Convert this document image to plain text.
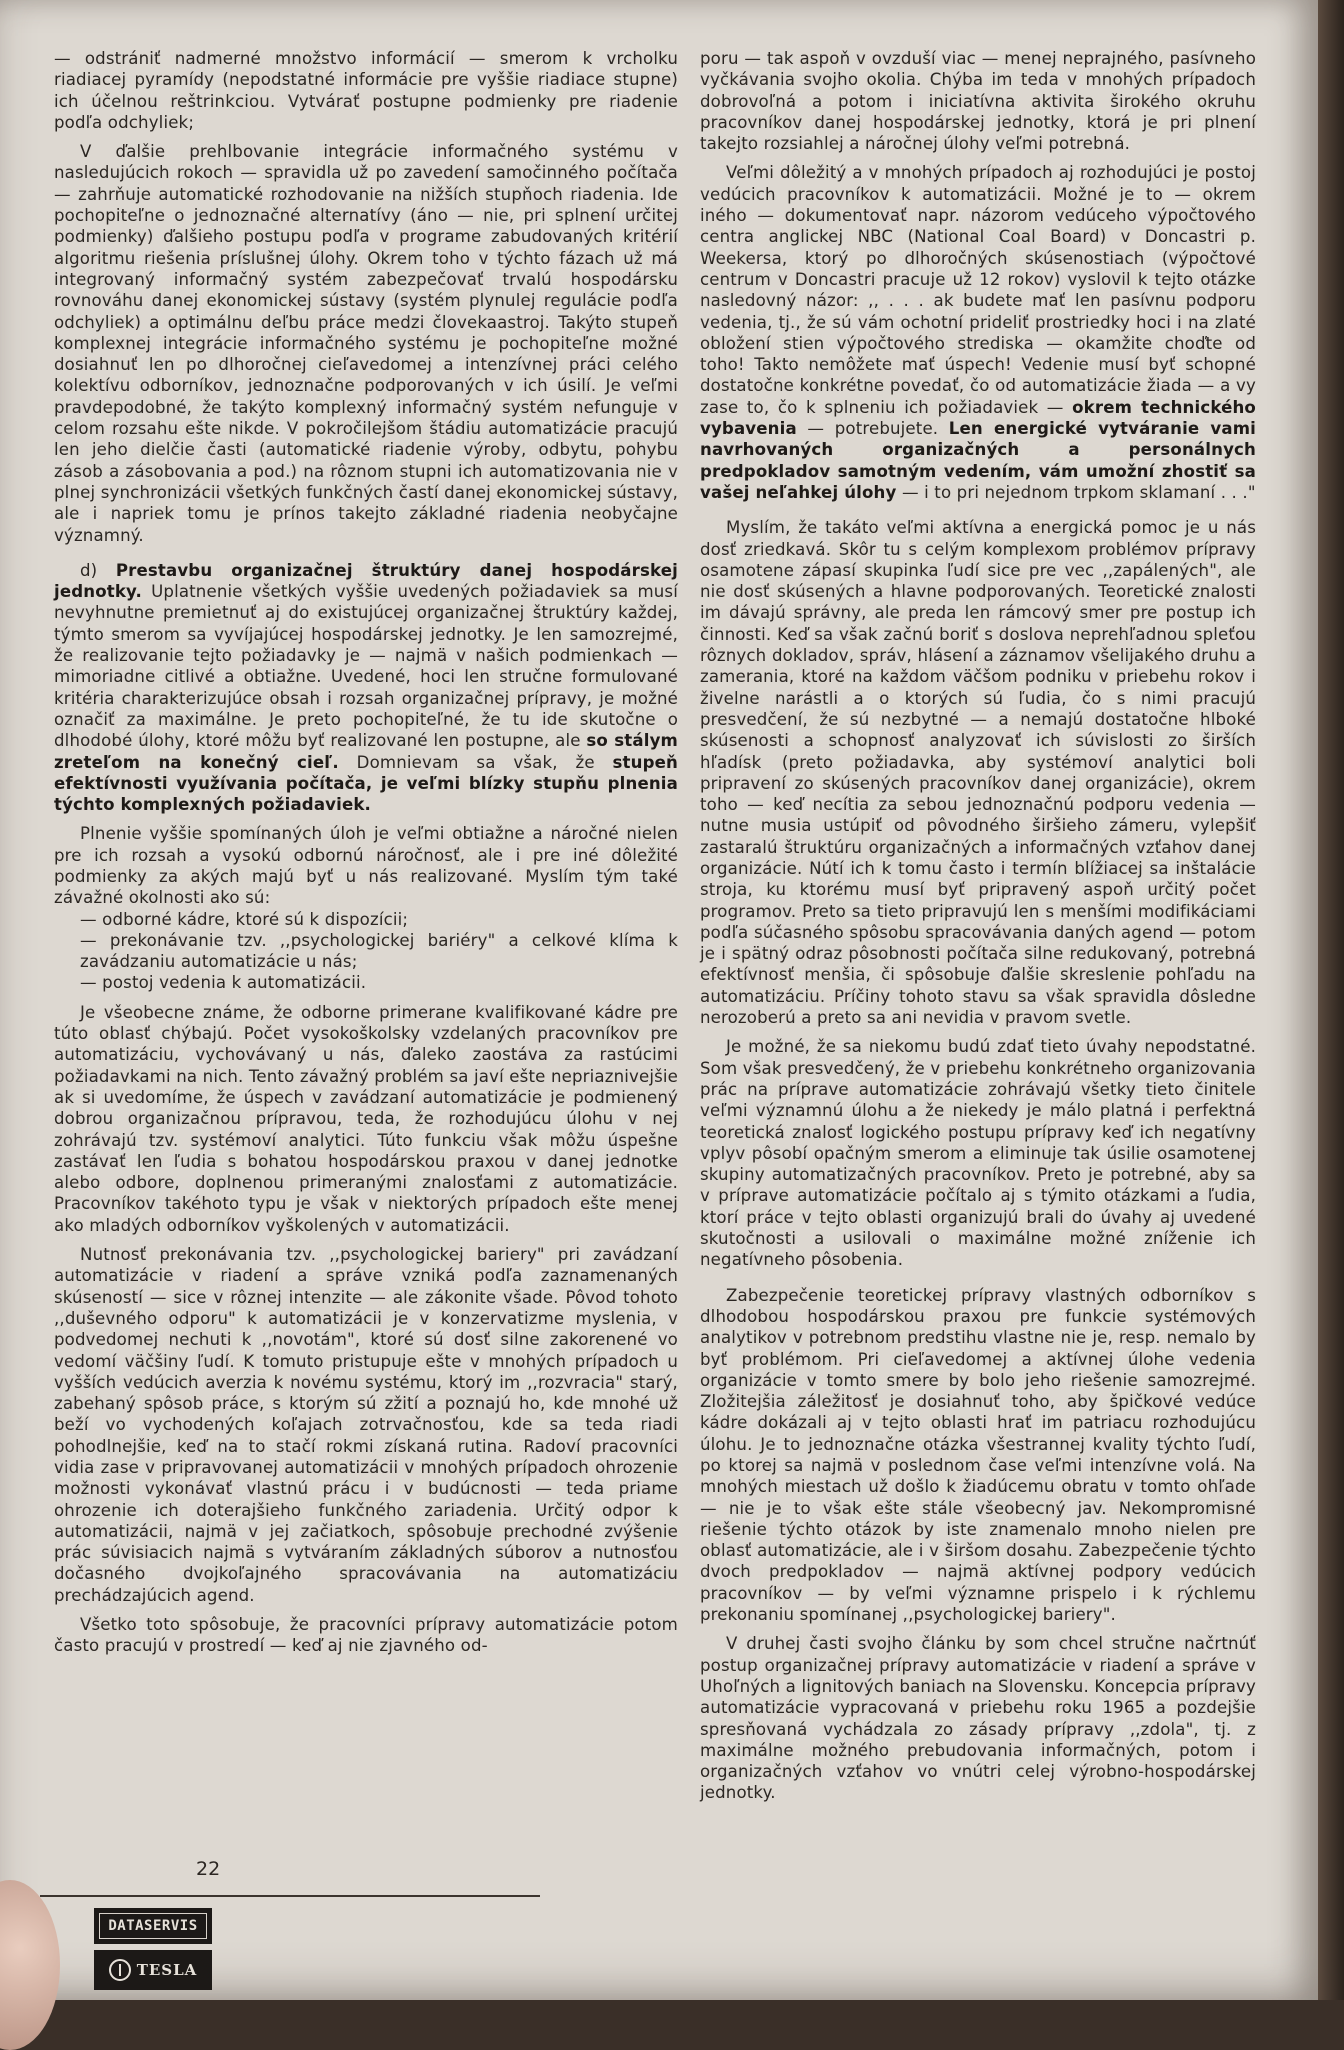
— odstrániť nadmerné množstvo informácií — smerom k vrcholku riadiacej pyramídy (nepodstatné informácie pre vyššie riadiace stupne) ich účelnou reštrinkciou. Vytvárať postupne podmienky pre riadenie podľa odchyliek;

V ďalšie prehlbovanie integrácie informačného systému v nasledujúcich rokoch — spravidla už po zavedení samočinného počítača — zahrňuje automatické rozhodovanie na nižších stupňoch riadenia. Ide pochopiteľne o jednoznačné alternatívy (áno — nie, pri splnení určitej podmienky) ďalšieho postupu podľa v programe zabudovaných kritérií algoritmu riešenia príslušnej úlohy. Okrem toho v týchto fázach už má integrovaný informačný systém zabezpečovať trvalú hospodársku rovnováhu danej ekonomickej sústavy (systém plynulej regulácie podľa odchyliek) a optimálnu deľbu práce medzi človekaastroj. Takýto stupeň komplexnej integrácie informačného systému je pochopiteľne možné dosiahnuť len po dlhoročnej cieľavedomej a intenzívnej práci celého kolektívu odborníkov, jednoznačne podporovaných v ich úsilí. Je veľmi pravdepodobné, že takýto komplexný informačný systém nefunguje v celom rozsahu ešte nikde. V pokročilejšom štádiu automatizácie pracujú len jeho dielčie časti (automatické riadenie výroby, odbytu, pohybu zásob a zásobovania a pod.) na rôznom stupni ich automatizovania nie v plnej synchronizácii všetkých funkčných častí danej ekonomickej sústavy, ale i napriek tomu je prínos takejto základné riadenia neobyčajne významný.

d) Prestavbu organizačnej štruktúry danej hospodárskej jednotky. Uplatnenie všetkých vyššie uvedených požiadaviek sa musí nevyhnutne premietnuť aj do existujúcej organizačnej štruktúry každej, týmto smerom sa vyvíjajúcej hospodárskej jednotky. Je len samozrejmé, že realizovanie tejto požiadavky je — najmä v našich podmienkach — mimoriadne citlivé a obtiažne. Uvedené, hoci len stručne formulované kritéria charakterizujúce obsah i rozsah organizačnej prípravy, je možné označiť za maximálne. Je preto pochopiteľné, že tu ide skutočne o dlhodobé úlohy, ktoré môžu byť realizované len postupne, ale so stálym zreteľom na konečný cieľ. Domnievam sa však, že stupeň efektívnosti využívania počítača, je veľmi blízky stupňu plnenia týchto komplexných požiadaviek.

Plnenie vyššie spomínaných úloh je veľmi obtiažne a náročné nielen pre ich rozsah a vysokú odbornú náročnosť, ale i pre iné dôležité podmienky za akých majú byť u nás realizované. Myslím tým také závažné okolnosti ako sú:

— odborné kádre, ktoré sú k dispozícii;

— prekonávanie tzv. ,,psychologickej bariéry" a celkové klíma k zavádzaniu automatizácie u nás;

— postoj vedenia k automatizácii.

Je všeobecne známe, že odborne primerane kvalifikované kádre pre túto oblasť chýbajú. Počet vysokoškolsky vzdelaných pracovníkov pre automatizáciu, vychovávaný u nás, ďaleko zaostáva za rastúcimi požiadavkami na nich. Tento závažný problém sa javí ešte nepriaznivejšie ak si uvedomíme, že úspech v zavádzaní automatizácie je podmienený dobrou organizačnou prípravou, teda, že rozhodujúcu úlohu v nej zohrávajú tzv. systémoví analytici. Túto funkciu však môžu úspešne zastávať len ľudia s bohatou hospodárskou praxou v danej jednotke alebo odbore, doplnenou primeranými znalosťami z automatizácie. Pracovníkov takéhoto typu je však v niektorých prípadoch ešte menej ako mladých odborníkov vyškolených v automatizácii.

Nutnosť prekonávania tzv. ,,psychologickej bariery" pri zavádzaní automatizácie v riadení a správe vzniká podľa zaznamenaných skúseností — sice v rôznej intenzite — ale zákonite všade. Pôvod tohoto ,,duševného odporu" k automatizácii je v konzervatizme myslenia, v podvedomej nechuti k ,,novotám", ktoré sú dosť silne zakorenené vo vedomí väčšiny ľudí. K tomuto pristupuje ešte v mnohých prípadoch u vyšších vedúcich averzia k novému systému, ktorý im ,,rozvracia" starý, zabehaný spôsob práce, s ktorým sú zžití a poznajú ho, kde mnohé už beží vo vychodených koľajach zotrvačnosťou, kde sa teda riadi pohodlnejšie, keď na to stačí rokmi získaná rutina. Radoví pracovníci vidia zase v pripravovanej automatizácii v mnohých prípadoch ohrozenie možnosti vykonávať vlastnú prácu i v budúcnosti — teda priame ohrozenie ich doterajšieho funkčného zariadenia. Určitý odpor k automatizácii, najmä v jej začiatkoch, spôsobuje prechodné zvýšenie prác súvisiacich najmä s vytváraním základných súborov a nutnosťou dočasného dvojkoľajného spracovávania na automatizáciu prechádzajúcich agend.

Všetko toto spôsobuje, že pracovníci prípravy automatizácie potom často pracujú v prostredí — keď aj nie zjavného od-

poru — tak aspoň v ovzduší viac — menej neprajného, pasívneho vyčkávania svojho okolia. Chýba im teda v mnohých prípadoch dobrovoľná a potom i iniciatívna aktivita širokého okruhu pracovníkov danej hospodárskej jednotky, ktorá je pri plnení takejto rozsiahlej a náročnej úlohy veľmi potrebná.

Veľmi dôležitý a v mnohých prípadoch aj rozhodujúci je postoj vedúcich pracovníkov k automatizácii. Možné je to — okrem iného — dokumentovať napr. názorom vedúceho výpočtového centra anglickej NBC (National Coal Board) v Doncastri p. Weekersa, ktorý po dlhoročných skúsenostiach (výpočtové centrum v Doncastri pracuje už 12 rokov) vyslovil k tejto otázke nasledovný názor: ,, . . . ak budete mať len pasívnu podporu vedenia, tj., že sú vám ochotní prideliť prostriedky hoci i na zlaté obložení stien výpočtového strediska — okamžite choďte od toho! Takto nemôžete mať úspech! Vedenie musí byť schopné dostatočne konkrétne povedať, čo od automatizácie žiada — a vy zase to, čo k splneniu ich požiadaviek — okrem technického vybavenia — potrebujete. Len energické vytváranie vami navrhovaných organizačných a personálnych predpokladov samotným vedením, vám umožní zhostiť sa vašej neľahkej úlohy — i to pri nejednom trpkom sklamaní . . ."

Myslím, že takáto veľmi aktívna a energická pomoc je u nás dosť zriedkavá. Skôr tu s celým komplexom problémov prípravy osamotene zápasí skupinka ľudí sice pre vec ,,zapálených", ale nie dosť skúsených a hlavne podporovaných. Teoretické znalosti im dávajú správny, ale preda len rámcový smer pre postup ich činnosti. Keď sa však začnú boriť s doslova neprehľadnou spleťou rôznych dokladov, správ, hlásení a záznamov všelijakého druhu a zamerania, ktoré na každom väčšom podniku v priebehu rokov i živelne narástli a o ktorých sú ľudia, čo s nimi pracujú presvedčení, že sú nezbytné — a nemajú dostatočne hlboké skúsenosti a schopnosť analyzovať ich súvislosti zo širších hľadísk (preto požiadavka, aby systémoví analytici boli pripravení zo skúsených pracovníkov danej organizácie), okrem toho — keď necítia za sebou jednoznačnú podporu vedenia — nutne musia ustúpiť od pôvodného širšieho zámeru, vylepšiť zastaralú štruktúru organizačných a informačných vzťahov danej organizácie. Nútí ich k tomu často i termín blížiacej sa inštalácie stroja, ku ktorému musí byť pripravený aspoň určitý počet programov. Preto sa tieto pripravujú len s menšími modifikáciami podľa súčasného spôsobu spracovávania daných agend — potom je i spätný odraz pôsobnosti počítača silne redukovaný, potrebná efektívnosť menšia, či spôsobuje ďalšie skreslenie pohľadu na automatizáciu. Príčiny tohoto stavu sa však spravidla dôsledne nerozoberú a preto sa ani nevidia v pravom svetle.

Je možné, že sa niekomu budú zdať tieto úvahy nepodstatné. Som však presvedčený, že v priebehu konkrétneho organizovania prác na príprave automatizácie zohrávajú všetky tieto činitele veľmi významnú úlohu a že niekedy je málo platná i perfektná teoretická znalosť logického postupu prípravy keď ich negatívny vplyv pôsobí opačným smerom a eliminuje tak úsilie osamotenej skupiny automatizačných pracovníkov. Preto je potrebné, aby sa v príprave automatizácie počítalo aj s týmito otázkami a ľudia, ktorí práce v tejto oblasti organizujú brali do úvahy aj uvedené skutočnosti a usilovali o maximálne možné zníženie ich negatívneho pôsobenia.

Zabezpečenie teoretickej prípravy vlastných odborníkov s dlhodobou hospodárskou praxou pre funkcie systémových analytikov v potrebnom predstihu vlastne nie je, resp. nemalo by byť problémom. Pri cieľavedomej a aktívnej úlohe vedenia organizácie v tomto smere by bolo jeho riešenie samozrejmé. Zložitejšia záležitosť je dosiahnuť toho, aby špičkové vedúce kádre dokázali aj v tejto oblasti hrať im patriacu rozhodujúcu úlohu. Je to jednoznačne otázka všestrannej kvality týchto ľudí, po ktorej sa najmä v poslednom čase veľmi intenzívne volá. Na mnohých miestach už došlo k žiadúcemu obratu v tomto ohľade — nie je to však ešte stále všeobecný jav. Nekompromisné riešenie týchto otázok by iste znamenalo mnoho nielen pre oblasť automatizácie, ale i v širšom dosahu. Zabezpečenie týchto dvoch predpokladov — najmä aktívnej podpory vedúcich pracovníkov — by veľmi významne prispelo i k rýchlemu prekonaniu spomínanej ,,psychologickej bariery".

V druhej časti svojho článku by som chcel stručne načrtnúť postup organizačnej prípravy automatizácie v riadení a správe v Uhoľných a lignitových baniach na Slovensku. Koncepcia prípravy automatizácie vypracovaná v priebehu roku 1965 a pozdejšie spresňovaná vychádzala zo zásady prípravy ,,zdola", tj. z maximálne možného prebudovania informačných, potom i organizačných vzťahov vo vnútri celej výrobno-hospodárskej jednotky.

22
DATASERVIS
TESLA
